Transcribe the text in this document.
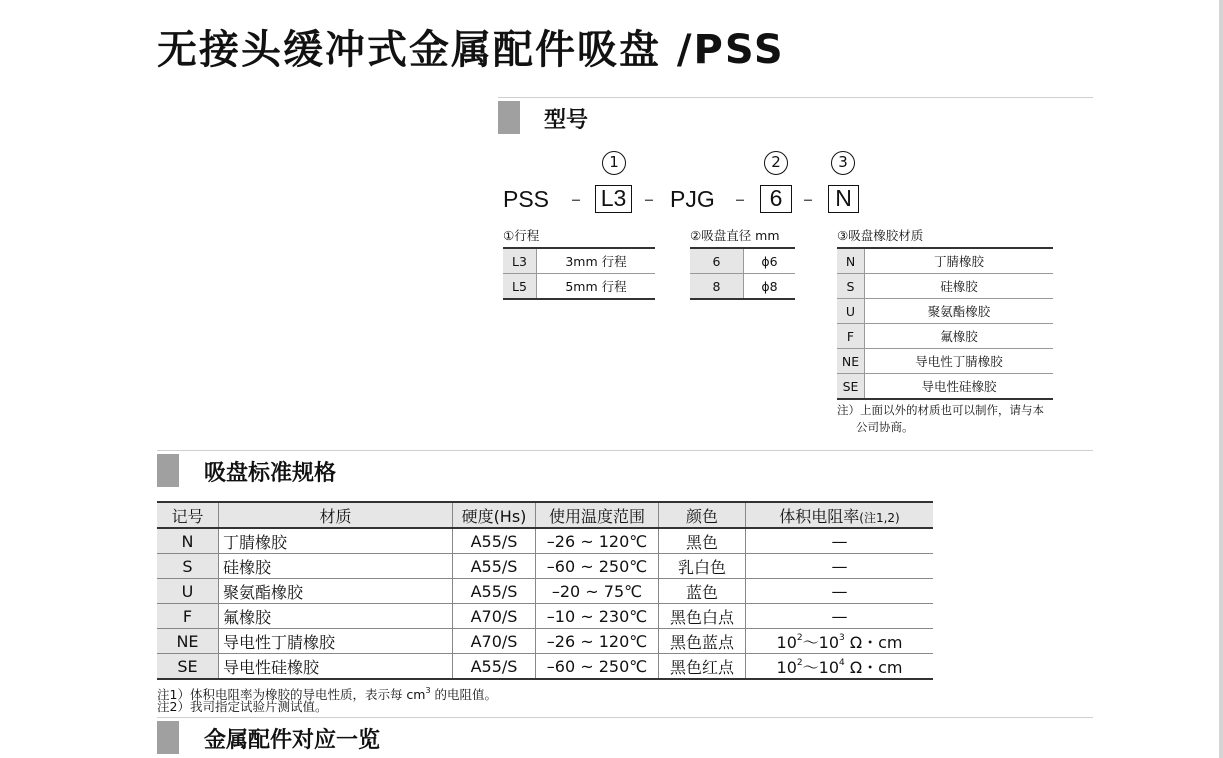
无接头缓冲式金属配件吸盘 /PSS
型号
1	2	3
PSS – L3 – PJG –	6	– N
①行程
L3	3mm 行程
L5	5mm 行程
②吸盘直径 mm
6	ϕ6
8	ϕ8
③吸盘橡胶材质
N	丁腈橡胶
S	硅橡胶
U	聚氨酯橡胶
F	氟橡胶
NE	导电性丁腈橡胶
SE	导电性硅橡胶
注）上面以外的材质也可以制作，请与本
公司协商。
吸盘标准规格
记号	材质	硬度(Hs)	使用温度范围	颜色	体积电阻率(注1,2)
N	丁腈橡胶	A55/S	–26 ~ 120℃	黑色	—
S	硅橡胶	A55/S	–60 ~ 250℃	乳白色	—
U	聚氨酯橡胶	A55/S	–20 ~ 75℃	蓝色	—
F	氟橡胶	A70/S	–10 ~ 230℃	黑色白点	—
NE	导电性丁腈橡胶	A70/S	–26 ~ 120℃	黑色蓝点	$10^2\sim 10^3$ Ω・cm
SE	导电性硅橡胶	A55/S	–60 ~ 250℃	黑色红点	$10^2\sim 10^4$ Ω・cm
注1）体积电阻率为橡胶的导电性质，表示每 $cm^3$ 的电阻值。
注2）我司指定试验片测试值。
金属配件对应一览
